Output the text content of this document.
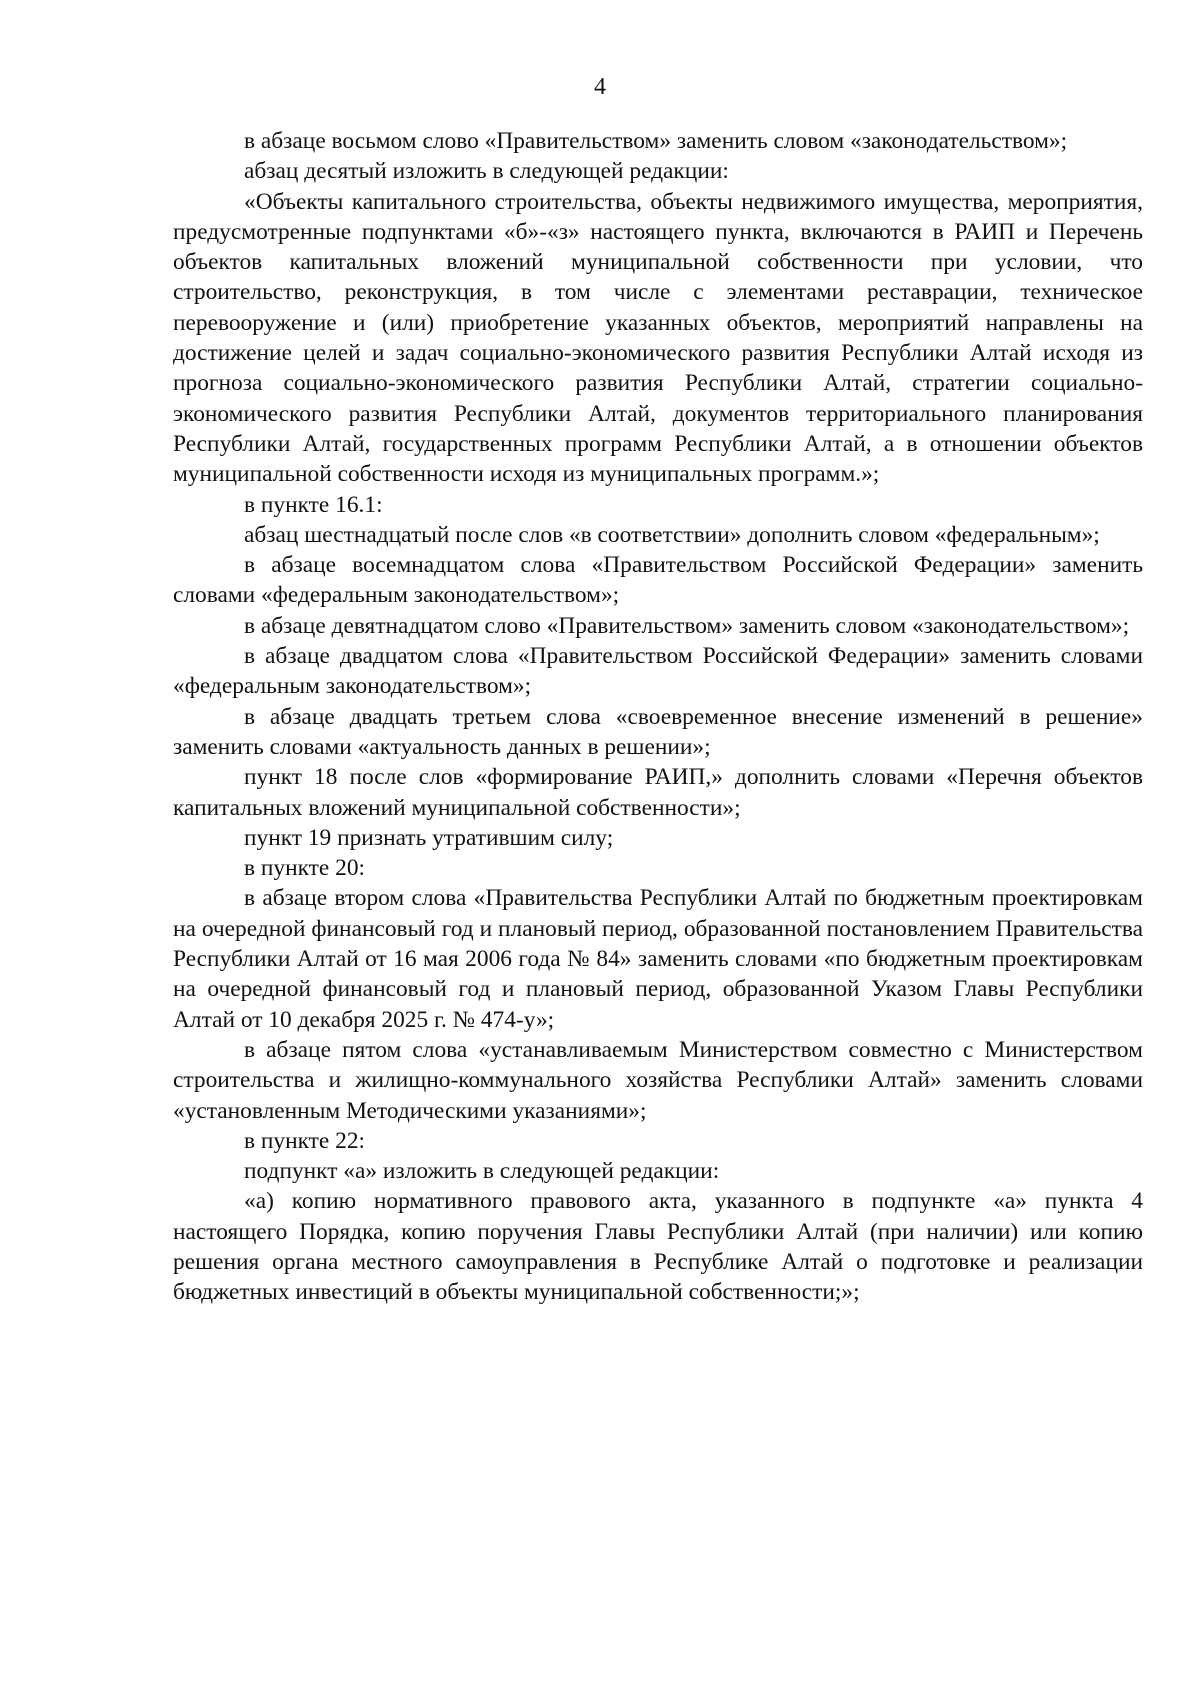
4

в абзаце восьмом слово «Правительством» заменить словом «законодательством»;

абзац десятый изложить в следующей редакции:

«Объекты капитального строительства, объекты недвижимого имущества, мероприятия, предусмотренные подпунктами «б»-«з» настоящего пункта, включаются в РАИП и Перечень объектов капитальных вложений муниципальной собственности при условии, что строительство, реконструкция, в том числе с элементами реставрации, техническое перевооружение и (или) приобретение указанных объектов, мероприятий направлены на достижение целей и задач социально-экономического развития Республики Алтай исходя из прогноза социально-экономического развития Республики Алтай, стратегии социально-экономического развития Республики Алтай, документов территориального планирования Республики Алтай, государственных программ Республики Алтай, а в отношении объектов муниципальной собственности исходя из муниципальных программ.»;

в пункте 16.1:

абзац шестнадцатый после слов «в соответствии» дополнить словом «федеральным»;

в абзаце восемнадцатом слова «Правительством Российской Федерации» заменить словами «федеральным законодательством»;

в абзаце девятнадцатом слово «Правительством» заменить словом «законодательством»;

в абзаце двадцатом слова «Правительством Российской Федерации» заменить словами «федеральным законодательством»;

в абзаце двадцать третьем слова «своевременное внесение изменений в решение» заменить словами «актуальность данных в решении»;

пункт 18 после слов «формирование РАИП,» дополнить словами «Перечня объектов капитальных вложений муниципальной собственности»;

пункт 19 признать утратившим силу;

в пункте 20:

в абзаце втором слова «Правительства Республики Алтай по бюджетным проектировкам на очередной финансовый год и плановый период, образованной постановлением Правительства Республики Алтай от 16 мая 2006 года № 84» заменить словами «по бюджетным проектировкам на очередной финансовый год и плановый период, образованной Указом Главы Республики Алтай от 10 декабря 2025 г. № 474-у»;

в абзаце пятом слова «устанавливаемым Министерством совместно с Министерством строительства и жилищно-коммунального хозяйства Республики Алтай» заменить словами «установленным Методическими указаниями»;

в пункте 22:

подпункт «а» изложить в следующей редакции:

«а) копию нормативного правового акта, указанного в подпункте «а» пункта 4 настоящего Порядка, копию поручения Главы Республики Алтай (при наличии) или копию решения органа местного самоуправления в Республике Алтай о подготовке и реализации бюджетных инвестиций в объекты муниципальной собственности;»;
